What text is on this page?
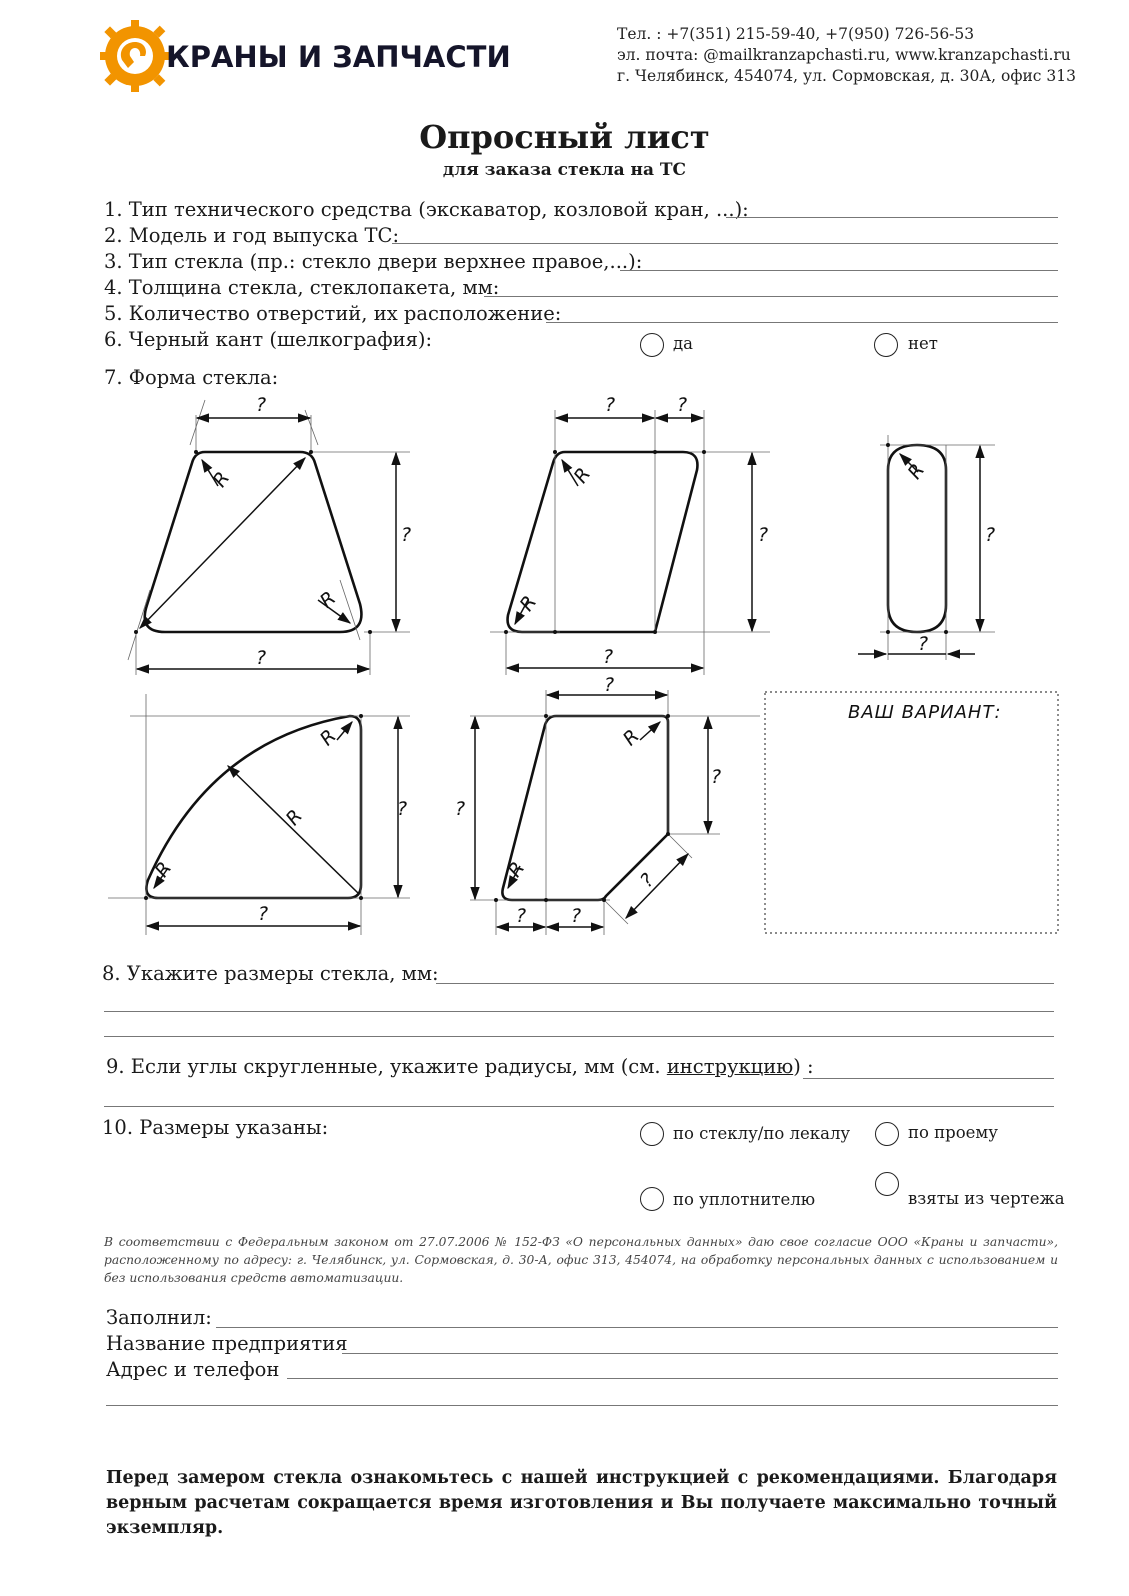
КРАНЫ И ЗАПЧАСТИ
Тел. : +7(351) 215-59-40, +7(950) 726-56-53
эл. почта: @mailkranzapchasti.ru, www.kranzapchasti.ru
г. Челябинск, 454074, ул. Сормовская, д. 30А, офис 313
Опросный лист
для заказа стекла на ТС
1. Тип технического средства (экскаватор, козловой кран, ...):
2. Модель и год выпуска ТС:
3. Тип стекла (пр.: стекло двери верхнее правое,...):
4. Толщина стекла, стеклопакета, мм:
5. Количество отверстий, их расположение:
6. Черный кант (шелкография):	да	нет
7. Форма стекла:
?
?
?
R
R
?	?
?
?
R
R
?
?
R
?
?
R
R
R
?
?
?
? ?
?
R
R
ВАШ ВАРИАНТ:
8. Укажите размеры стекла, мм:
9. Если углы скругленные, укажите радиусы, мм (см. инструкцию) :
10. Размеры указаны:	по стеклу/по лекалу	по проему
по уплотнителю	взяты из чертежа
В соответствии с Федеральным законом от 27.07.2006 № 152-ФЗ «О персональных данных» даю свое согласие ООО «Краны и запчасти», расположенному по адресу: г. Челябинск, ул. Сормовская, д. 30-А, офис 313, 454074, на обработку персональных данных с использованием и без использования средств автоматизации.
Заполнил:
Название предприятия
Адрес и телефон
Перед замером стекла ознакомьтесь с нашей инструкцией с рекомендациями. Благодаря верным расчетам сокращается время изготовления и Вы получаете максимально точный экземпляр.
